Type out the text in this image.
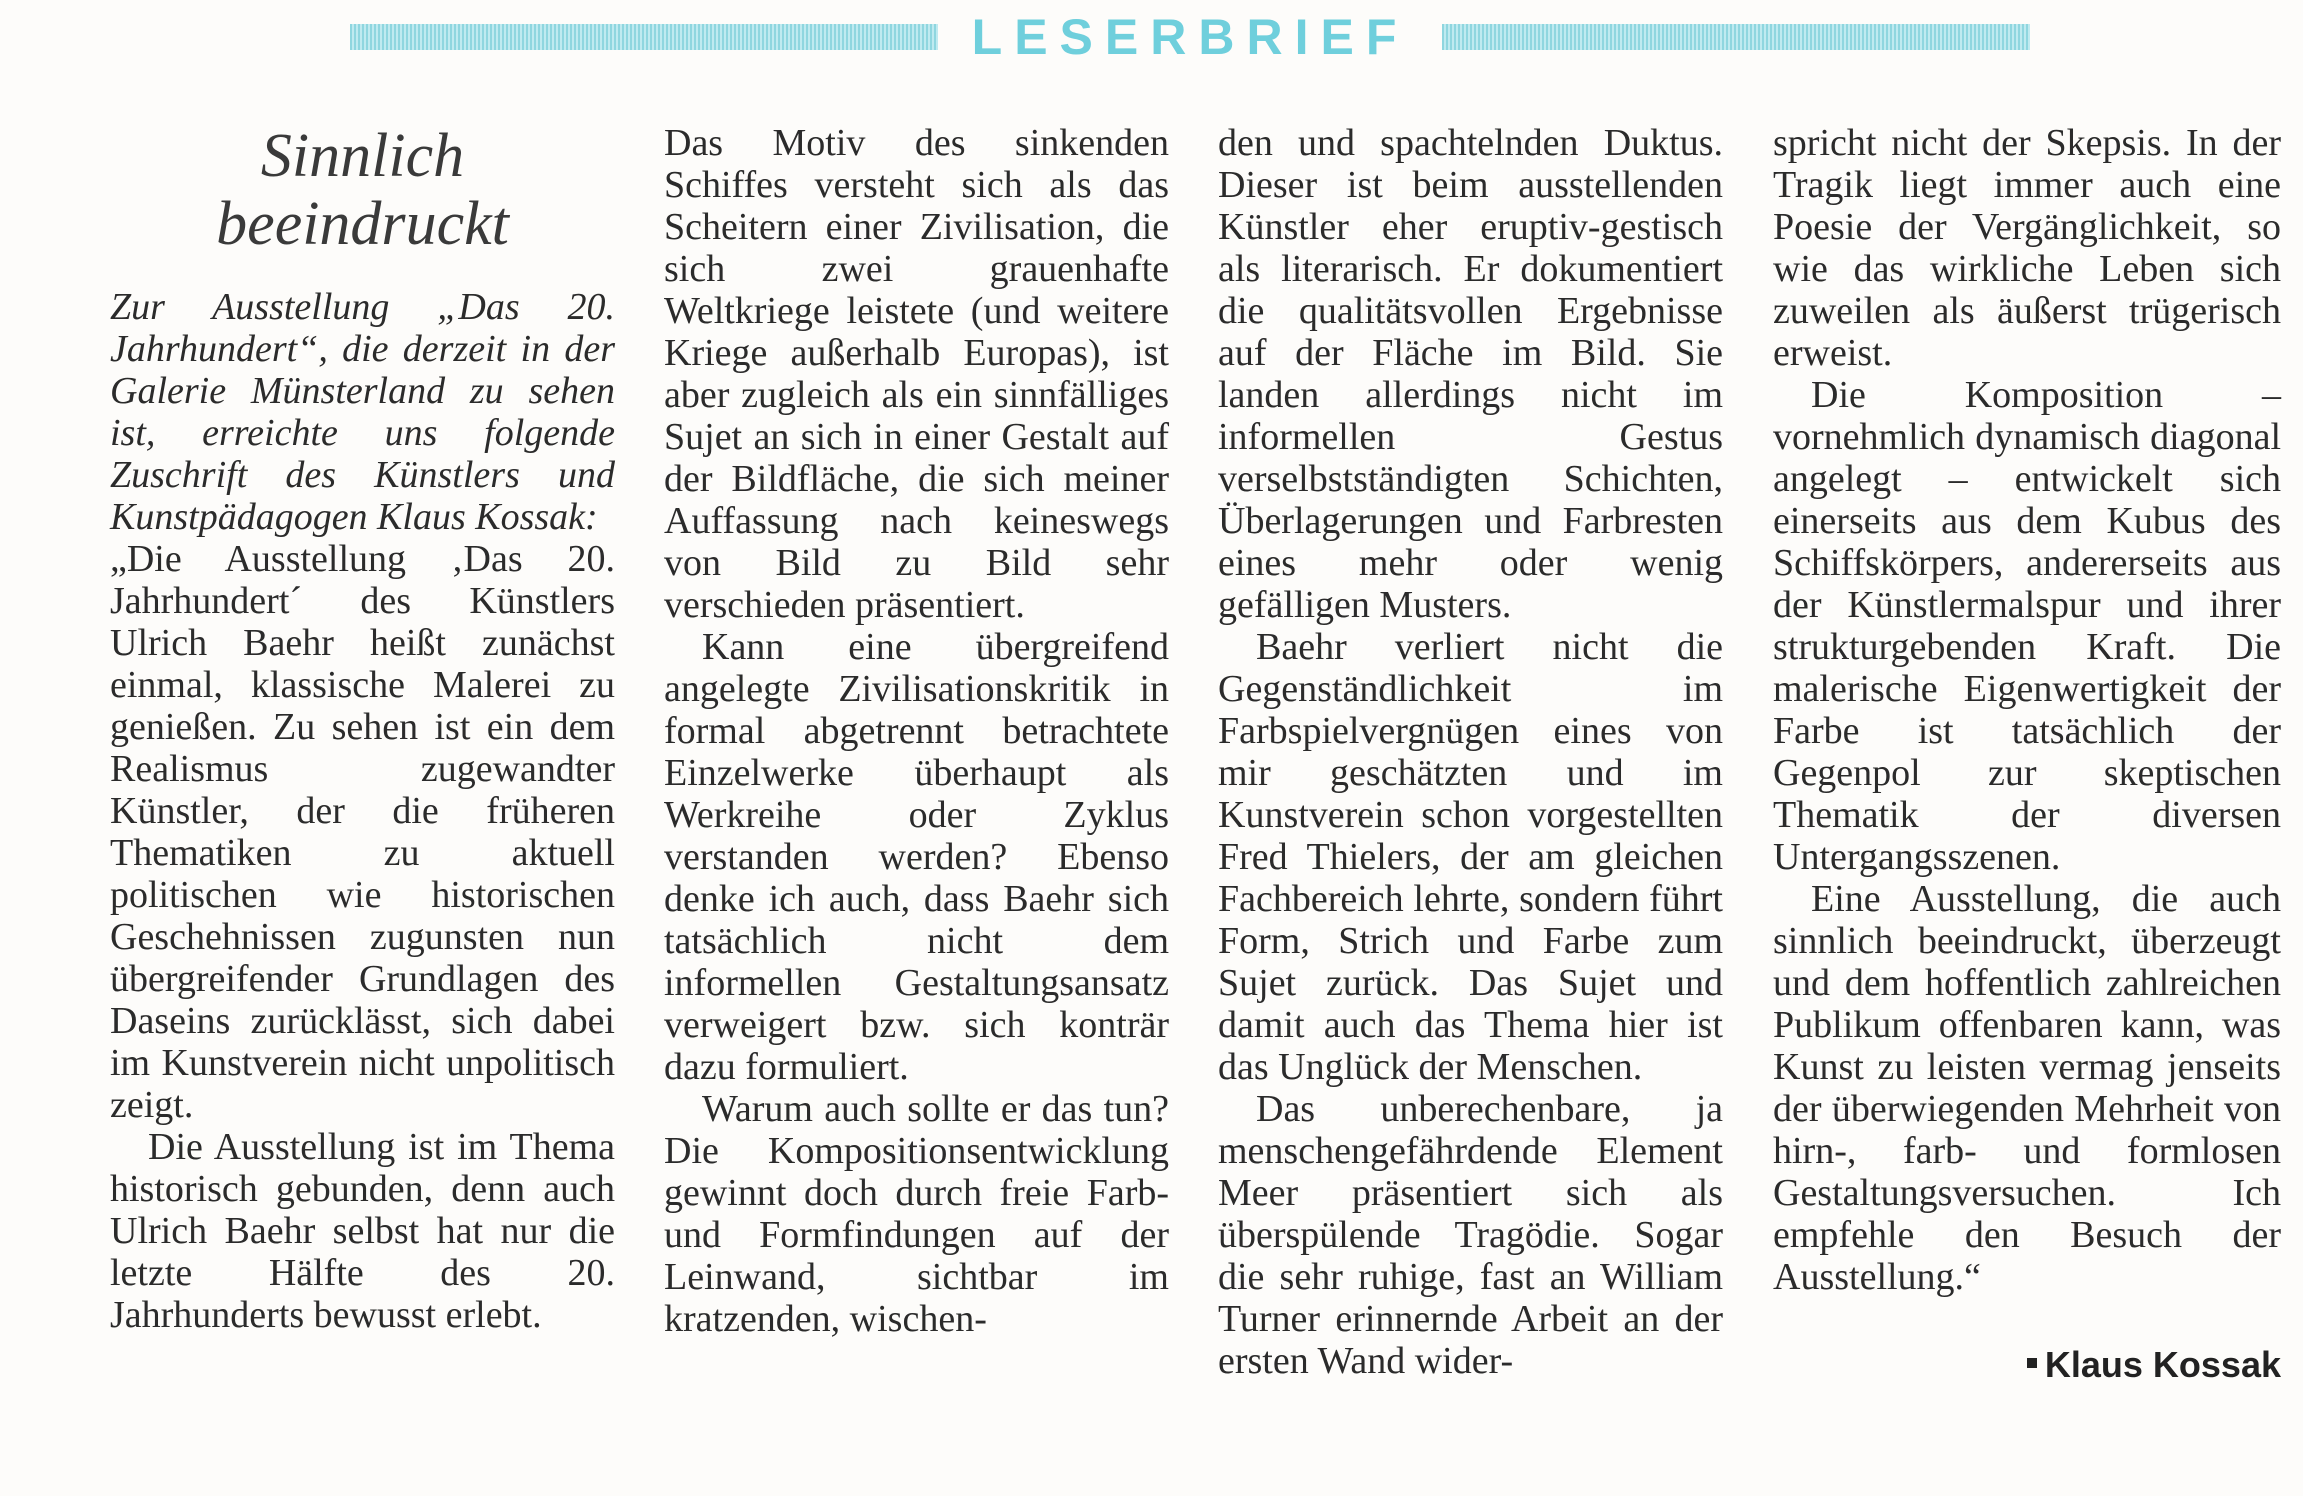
LESERBRIEF
Sinnlich beeindruckt

Zur Ausstellung „Das 20. Jahrhundert“, die derzeit in der Galerie Münsterland zu sehen ist, erreichte uns folgende Zuschrift des Künstlers und Kunstpädagogen Klaus Kossak:

„Die Ausstellung ‚Das 20. Jahrhundert´ des Künstlers Ulrich Baehr heißt zunächst einmal, klassische Malerei zu genießen. Zu sehen ist ein dem Realismus zugewandter Künstler, der die früheren Thematiken zu aktuell politischen wie historischen Geschehnissen zugunsten nun übergreifender Grundlagen des Daseins zurücklässt, sich dabei im Kunstverein nicht unpolitisch zeigt.

Die Ausstellung ist im Thema historisch gebunden, denn auch Ulrich Baehr selbst hat nur die letzte Hälfte des 20. Jahrhunderts bewusst erlebt.

Das Motiv des sinkenden Schiffes versteht sich als das Scheitern einer Zivilisation, die sich zwei grauenhafte Weltkriege leistete (und weitere Kriege außerhalb Europas), ist aber zugleich als ein sinnfälliges Sujet an sich in einer Gestalt auf der Bildfläche, die sich meiner Auffassung nach keineswegs von Bild zu Bild sehr verschieden präsentiert.

Kann eine übergreifend angelegte Zivilisationskritik in formal abgetrennt betrachtete Einzelwerke überhaupt als Werkreihe oder Zyklus verstanden werden? Ebenso denke ich auch, dass Baehr sich tatsächlich nicht dem informellen Gestaltungsansatz verweigert bzw. sich konträr dazu formuliert.

Warum auch sollte er das tun? Die Kompositionsentwicklung gewinnt doch durch freie Farb- und Formfindungen auf der Leinwand, sichtbar im kratzenden, wischen-

den und spachtelnden Duktus. Dieser ist beim ausstellenden Künstler eher eruptiv-gestisch als literarisch. Er dokumentiert die qualitätsvollen Ergebnisse auf der Fläche im Bild. Sie landen allerdings nicht im informellen Gestus verselbstständigten Schichten, Überlagerungen und Farbresten eines mehr oder wenig gefälligen Musters.

Baehr verliert nicht die Gegenständlichkeit im Farbspielvergnügen eines von mir geschätzten und im Kunstverein schon vorgestellten Fred Thielers, der am gleichen Fachbereich lehrte, sondern führt Form, Strich und Farbe zum Sujet zurück. Das Sujet und damit auch das Thema hier ist das Unglück der Menschen.

Das unberechenbare, ja menschengefährdende Element Meer präsentiert sich als überspülende Tragödie. Sogar die sehr ruhige, fast an William Turner erinnernde Arbeit an der ersten Wand wider-

spricht nicht der Skepsis. In der Tragik liegt immer auch eine Poesie der Vergänglichkeit, so wie das wirkliche Leben sich zuweilen als äußerst trügerisch erweist.

Die Komposition – vornehmlich dynamisch diagonal angelegt – entwickelt sich einerseits aus dem Kubus des Schiffskörpers, andererseits aus der Künstlermalspur und ihrer strukturgebenden Kraft. Die malerische Eigenwertigkeit der Farbe ist tatsächlich der Gegenpol zur skeptischen Thematik der diversen Untergangsszenen.

Eine Ausstellung, die auch sinnlich beeindruckt, überzeugt und dem hoffentlich zahlreichen Publikum offenbaren kann, was Kunst zu leisten vermag jenseits der überwiegenden Mehrheit von hirn-, farb- und formlosen Gestaltungsversuchen. Ich empfehle den Besuch der Ausstellung.“

Klaus Kossak
